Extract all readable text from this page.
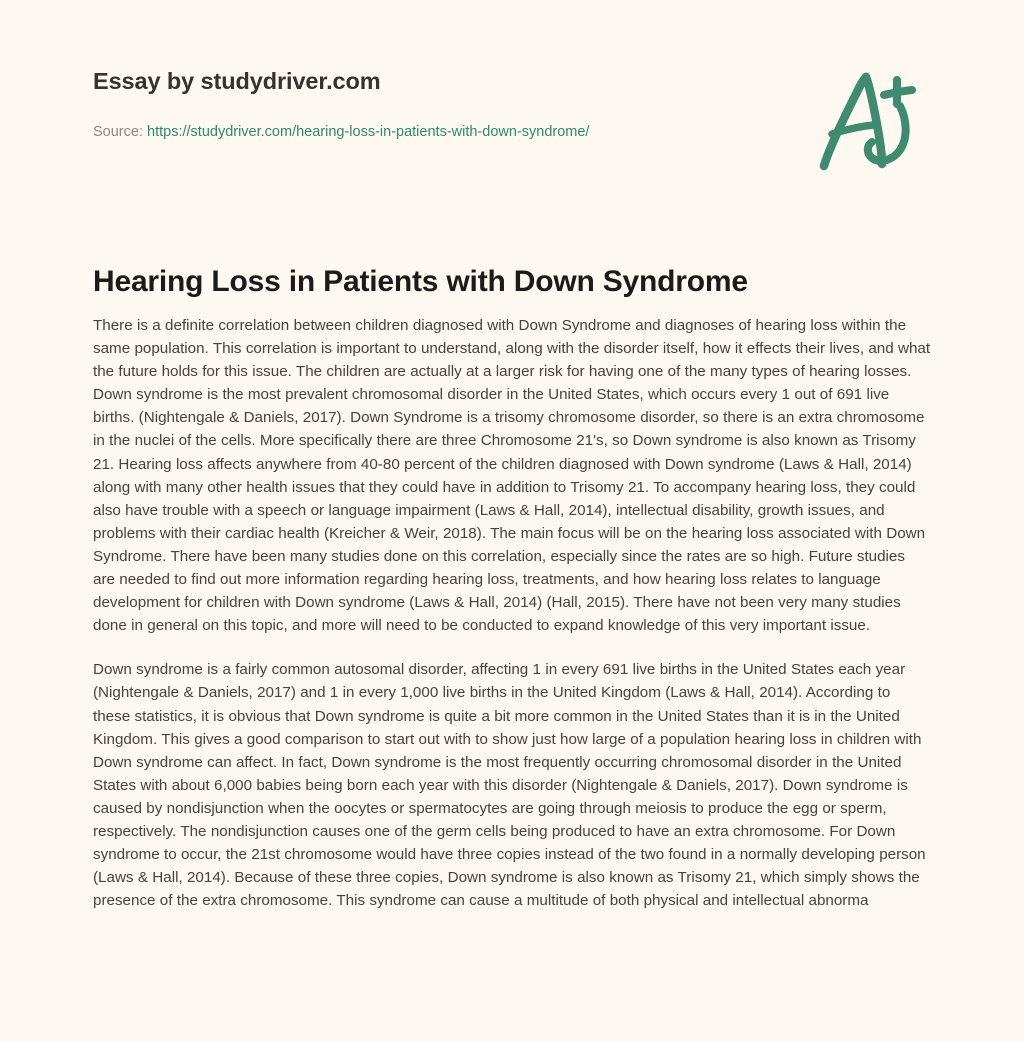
Essay by studydriver.com
Source: https://studydriver.com/hearing-loss-in-patients-with-down-syndrome/
Hearing Loss in Patients with Down Syndrome

There is a definite correlation between children diagnosed with Down Syndrome and diagnoses of hearing loss within the same population. This correlation is important to understand, along with the disorder itself, how it effects their lives, and what the future holds for this issue. The children are actually at a larger risk for having one of the many types of hearing losses. Down syndrome is the most prevalent chromosomal disorder in the United States, which occurs every 1 out of 691 live births. (Nightengale & Daniels, 2017). Down Syndrome is a trisomy chromosome disorder, so there is an extra chromosome in the nuclei of the cells. More specifically there are three Chromosome 21's, so Down syndrome is also known as Trisomy 21. Hearing loss affects anywhere from 40-80 percent of the children diagnosed with Down syndrome (Laws & Hall, 2014) along with many other health issues that they could have in addition to Trisomy 21. To accompany hearing loss, they could also have trouble with a speech or language impairment (Laws & Hall, 2014), intellectual disability, growth issues, and problems with their cardiac health (Kreicher & Weir, 2018). The main focus will be on the hearing loss associated with Down Syndrome. There have been many studies done on this correlation, especially since the rates are so high. Future studies are needed to find out more information regarding hearing loss, treatments, and how hearing loss relates to language development for children with Down syndrome (Laws & Hall, 2014) (Hall, 2015). There have not been very many studies done in general on this topic, and more will need to be conducted to expand knowledge of this very important issue.

Down syndrome is a fairly common autosomal disorder, affecting 1 in every 691 live births in the United States each year (Nightengale & Daniels, 2017) and 1 in every 1,000 live births in the United Kingdom (Laws & Hall, 2014). According to these statistics, it is obvious that Down syndrome is quite a bit more common in the United States than it is in the United Kingdom. This gives a good comparison to start out with to show just how large of a population hearing loss in children with Down syndrome can affect. In fact, Down syndrome is the most frequently occurring chromosomal disorder in the United States with about 6,000 babies being born each year with this disorder (Nightengale & Daniels, 2017). Down syndrome is caused by nondisjunction when the oocytes or spermatocytes are going through meiosis to produce the egg or sperm, respectively. The nondisjunction causes one of the germ cells being produced to have an extra chromosome. For Down syndrome to occur, the 21st chromosome would have three copies instead of the two found in a normally developing person (Laws & Hall, 2014). Because of these three copies, Down syndrome is also known as Trisomy 21, which simply shows the presence of the extra chromosome. This syndrome can cause a multitude of both physical and intellectual abnorma
